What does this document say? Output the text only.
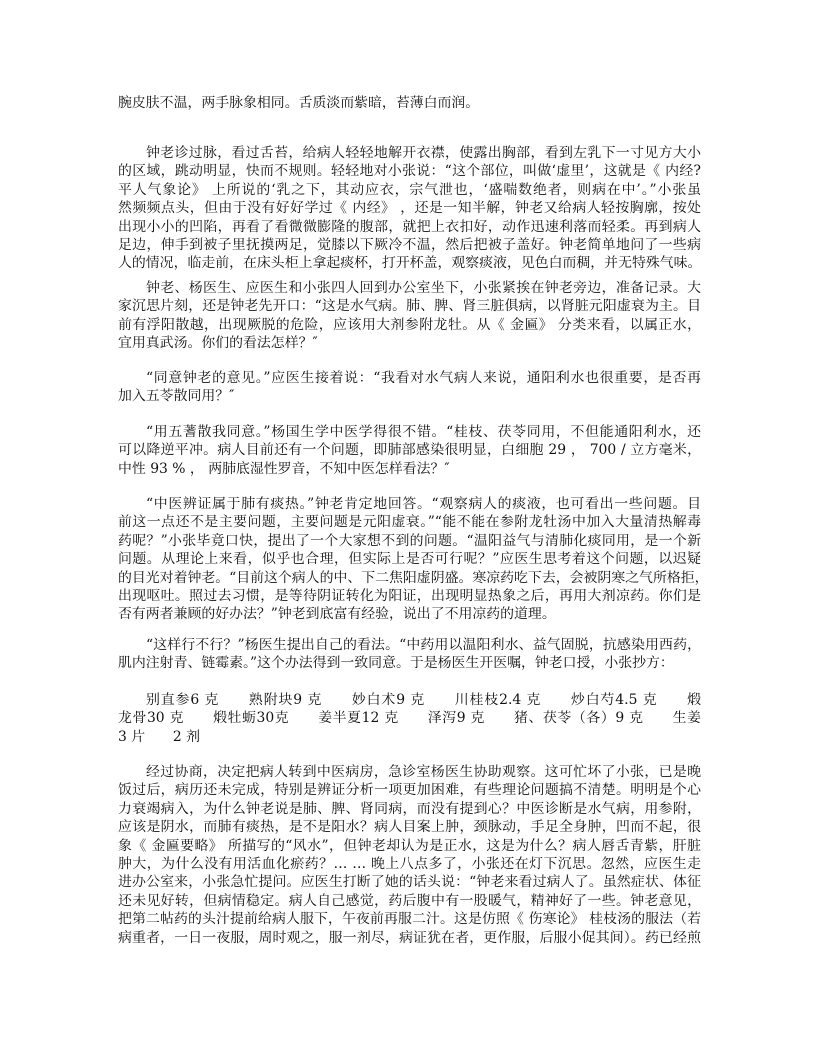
腕皮肤不温，两手脉象相同。舌质淡而紫暗，苔薄白而润。
钟老诊过脉，看过舌苔，给病人轻轻地解开衣襟，使露出胸部，看到左乳下一寸见方大小
的区域，跳动明显，快而不规则。轻轻地对小张说：“这个部位，叫做‘虚里’，这就是《 内经?
平人气象论》 上所说的‘乳之下，其动应衣，宗气泄也，‘盛喘数绝者，则病在中’。”小张虽
然频频点头，但由于没有好好学过《 内经》 ，还是一知半解，钟老又给病人轻按胸廓，按处
出现小小的凹陷，再看了看微微膨隆的腹部，就把上衣扣好，动作迅速利落而轻柔。再到病人
足边，伸手到被子里抚摸两足，觉膝以下厥冷不温，然后把被子盖好。钟老简单地问了一些病
人的情况，临走前，在床头柜上拿起痰杯，打开杯盖，观察痰液，见色白而稠，并无特殊气味。
钟老、杨医生、应医生和小张四人回到办公室坐下，小张紧挨在钟老旁边，准备记录。大
家沉思片刻，还是钟老先开口：“这是水气病。肺、脾、肾三脏俱病，以肾脏元阳虚衰为主。目
前有浮阳散越，出现厥脱的危险，应该用大剂参附龙牡。从《 金匾》 分类来看，以属正水，
宜用真武汤。你们的看法怎样？″
“同意钟老的意见。”应医生接着说：“我看对水气病人来说，通阳利水也很重要，是否再
加入五苓散同用？″
“用五蓍散我同意。”杨国生学中医学得很不错。“桂枝、茯苓同用，不但能通阳利水，还
可以降逆平冲。病人目前还有一个问题，即肺部感染很明显，白细胞 29 ， 700 / 立方毫米，
中性 93 % ， 两肺底湿性罗音，不知中医怎样看法？″
“中医辨证属于肺有痰热。”钟老肯定地回答。“观察病人的痰液，也可看出一些问题。目
前这一点还不是主要问题，主要问题是元阳虚衰。”“能不能在参附龙牡汤中加入大量清热解毒
药呢？”小张毕竟口快，提出了一个大家想不到的问题。“温阳益气与清肺化痰同用，是一个新
问题。从理论上来看，似乎也合理，但实际上是否可行呢？”应医生思考着这个问题，以迟疑
的目光对着钟老。“目前这个病人的中、下二焦阳虚阴盛。寒凉药吃下去，会被阴寒之气所格拒，
出现呕吐。照过去习惯，是等待阴证转化为阳证，出现明显热象之后，再用大剂凉药。你们是
否有两者兼顾的好办法？”钟老到底富有经验，说出了不用凉药的道理。
“这样行不行？”杨医生提出自己的看法。“中药用以温阳利水、益气固脱，抗感染用西药，
肌内注射青、链霉素。”这个办法得到一致同意。于是杨医生开医嘱，钟老口授，小张抄方：
别直参6 克　　熟附块9 克　　妙白术9 克　　川桂枝2.4 克　　炒白芍4.5 克　　煅
龙骨30 克　　煅牡蛎30克　　姜半夏12 克　　泽泻9 克　　猪、茯苓（各）9 克　　生姜
3 片　　2 剂
经过协商，决定把病人转到中医病房，急诊室杨医生协助观察。这可忙坏了小张，已是晚
饭过后，病历还未完成，特别是辨证分析一项更加困难，有些理论问题搞不清楚。明明是个心
力衰竭病入，为什么钟老说是肺、脾、肾同病，而没有提到心？中医诊断是水气病，用参附，
应该是阴水，而肺有痰热，是不是阳水？病人目案上肿，颈脉动，手足全身肿，凹而不起，很
象《 金匾要略》 所描写的“风水”，但钟老却认为是正水，这是为什么？病人唇舌青紫，肝脏
肿大，为什么没有用活血化瘀药？… … 晚上八点多了，小张还在灯下沉思。忽然，应医生走
进办公室来，小张急忙提问。应医生打断了她的话头说：“钟老来看过病人了。虽然症状、体征
还未见好转，但病情稳定。病人自己感觉，药后腹中有一股暖气，精神好了一些。钟老意见，
把第二帖药的头汁提前给病人服下，午夜前再服二汁。这是仿照《 伤寒论》 桂枝汤的服法（若
病重者，一日一夜服，周时观之，服一剂尽，病证犹在者，更作服，后服小促其间）。药已经煎
